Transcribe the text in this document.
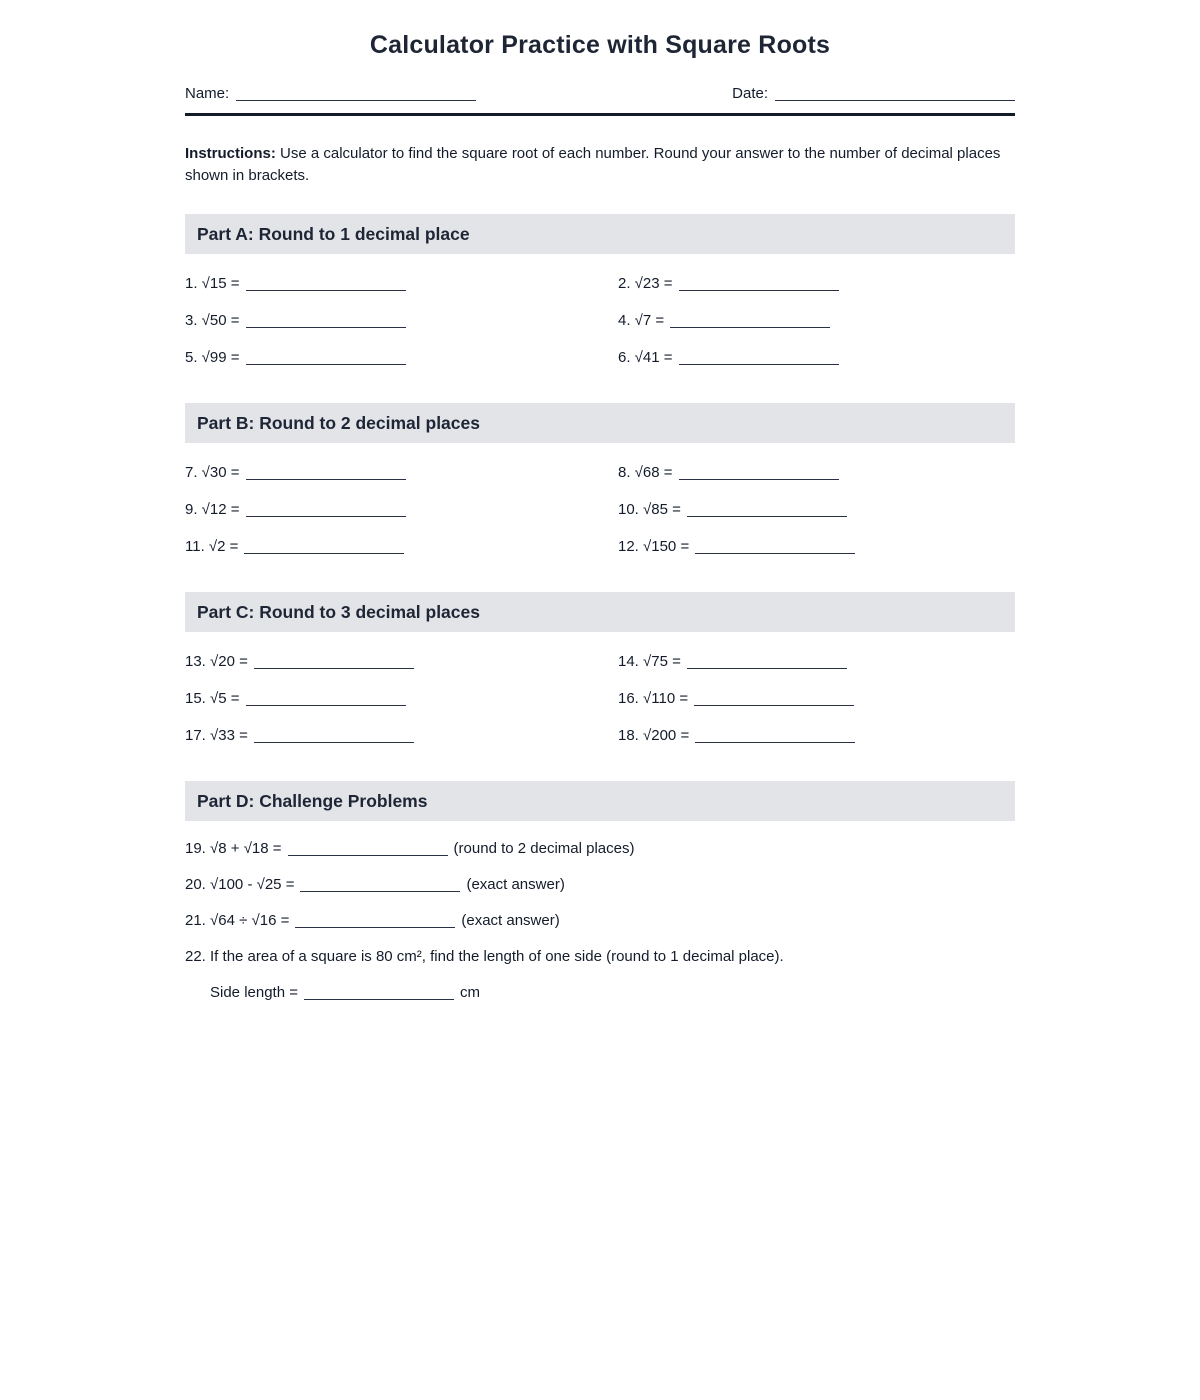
Calculator Practice with Square Roots
Name:	Date:

Instructions: Use a calculator to find the square root of each number. Round your answer to the number of decimal places shown in brackets.

Part A: Round to 1 decimal place
1. √15 =	2. √23 =
3. √50 =	4. √7 =
5. √99 =	6. √41 =
Part B: Round to 2 decimal places
7. √30 =	8. √68 =
9. √12 =	10. √85 =
11. √2 =	12. √150 =
Part C: Round to 3 decimal places
13. √20 =	14. √75 =
15. √5 =	16. √110 =
17. √33 =	18. √200 =
Part D: Challenge Problems
19. √8 + √18 =	(round to 2 decimal places)
20. √100 - √25 =	(exact answer)
21. √64 ÷ √16 =	(exact answer)
22. If the area of a square is 80 cm², find the length of one side (round to 1 decimal place).
Side length =	cm
